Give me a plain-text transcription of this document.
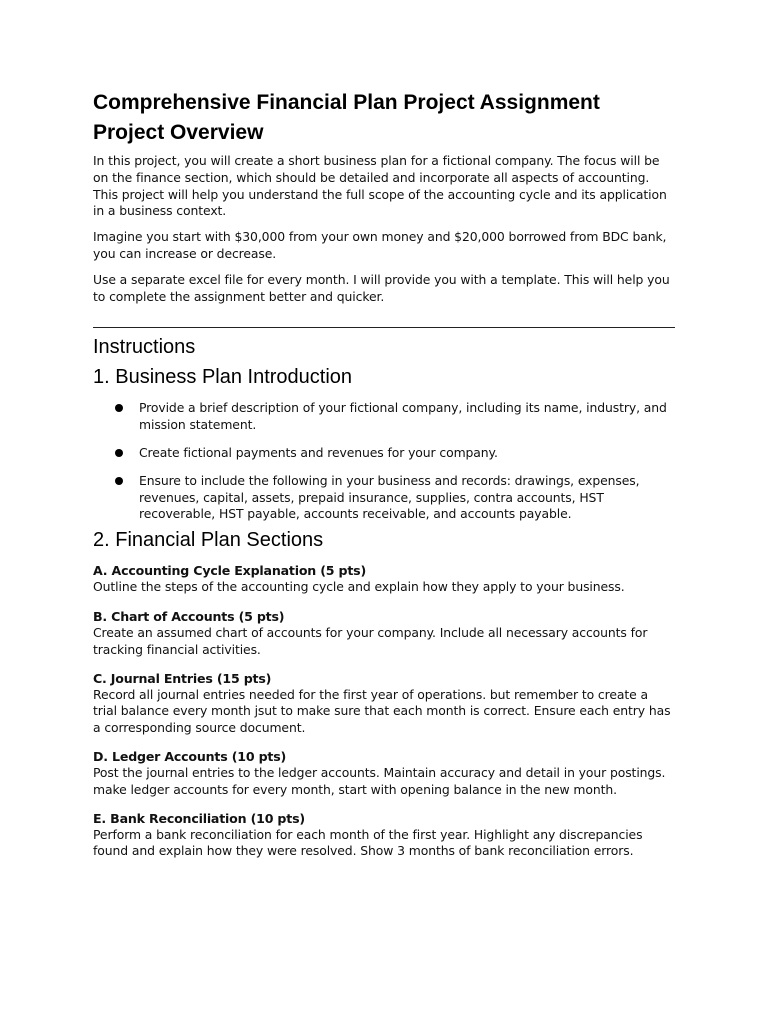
Comprehensive Financial Plan Project Assignment
Project Overview

In this project, you will create a short business plan for a fictional company. The focus will be on the finance section, which should be detailed and incorporate all aspects of accounting. This project will help you understand the full scope of the accounting cycle and its application in a business context.

Imagine you start with $30,000 from your own money and $20,000 borrowed from BDC bank, you can increase or decrease.

Use a separate excel file for every month. I will provide you with a template. This will help you to complete the assignment better and quicker.

Instructions
1. Business Plan Introduction

Provide a brief description of your fictional company, including its name, industry, and mission statement.

Create fictional payments and revenues for your company.

Ensure to include the following in your business and records: drawings, expenses, revenues, capital, assets, prepaid insurance, supplies, contra accounts, HST recoverable, HST payable, accounts receivable, and accounts payable.

2. Financial Plan Sections
A. Accounting Cycle Explanation (5 pts)

Outline the steps of the accounting cycle and explain how they apply to your business.

B. Chart of Accounts (5 pts)

Create an assumed chart of accounts for your company. Include all necessary accounts for tracking financial activities.

C. Journal Entries (15 pts)

Record all journal entries needed for the first year of operations. but remember to create a trial balance every month jsut to make sure that each month is correct. Ensure each entry has a corresponding source document.

D. Ledger Accounts (10 pts)

Post the journal entries to the ledger accounts. Maintain accuracy and detail in your postings. make ledger accounts for every month, start with opening balance in the new month.

E. Bank Reconciliation (10 pts)

Perform a bank reconciliation for each month of the first year. Highlight any discrepancies found and explain how they were resolved. Show 3 months of bank reconciliation errors.
